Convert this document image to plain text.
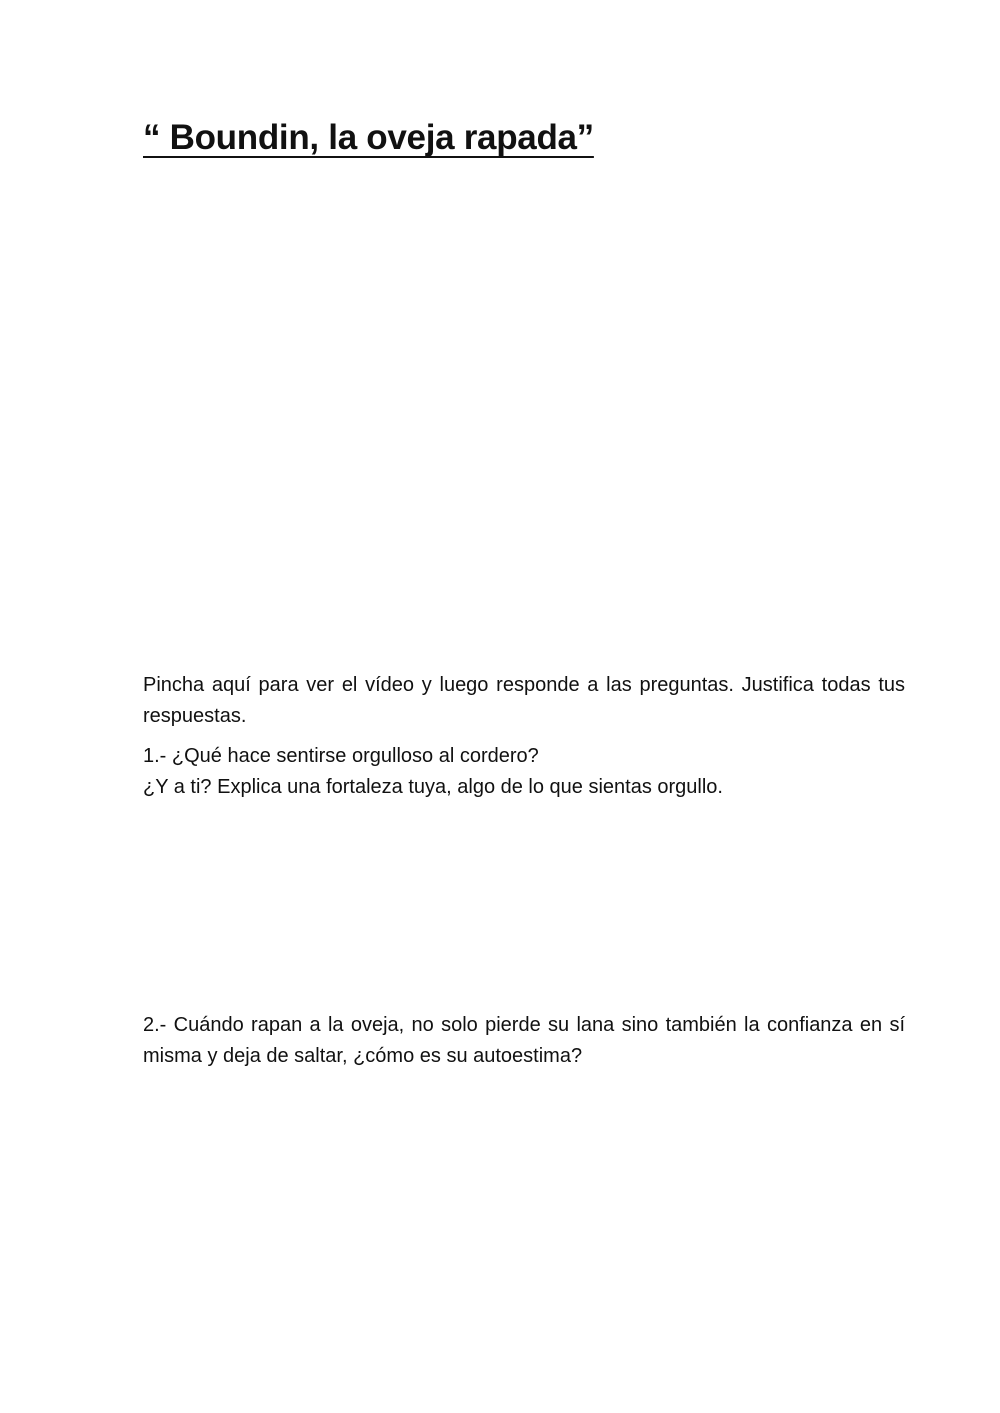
“ Boundin, la oveja rapada”

Pincha aquí para ver el vídeo y luego responde a las preguntas. Justifica todas tus respuestas.

1.- ¿Qué hace sentirse orgulloso al cordero?
¿Y a ti? Explica una fortaleza tuya, algo de lo que sientas orgullo.

2.- Cuándo rapan a la oveja, no solo pierde su lana sino también la confianza en sí misma y deja de saltar, ¿cómo es su autoestima?
